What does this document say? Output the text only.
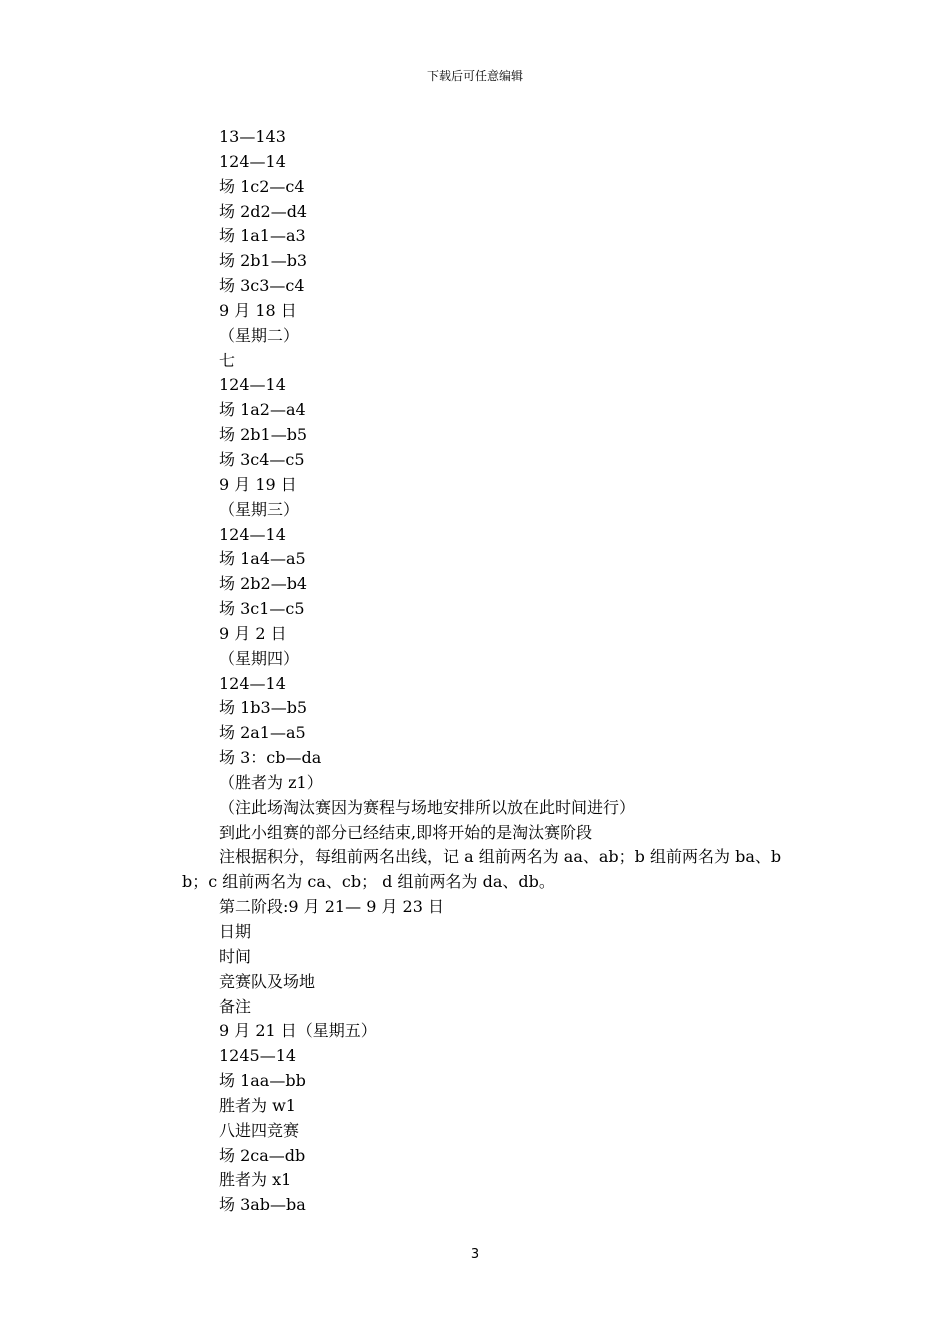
下载后可任意编辑

13—143

124—14

场 1c2—c4

场 2d2—d4

场 1a1—a3

场 2b1—b3

场 3c3—c4

9 月 18 日

（星期二）

七

124—14

场 1a2—a4

场 2b1—b5

场 3c4—c5

9 月 19 日

（星期三）

124—14

场 1a4—a5

场 2b2—b4

场 3c1—c5

9 月 2 日

（星期四）

124—14

场 1b3—b5

场 2a1—a5

场 3：cb—da

（胜者为 z1）

（注此场淘汰赛因为赛程与场地安排所以放在此时间进行）

到此小组赛的部分已经结束,即将开始的是淘汰赛阶段

注根据积分，每组前两名出线，记 a 组前两名为 aa、ab；b 组前两名为 ba、bb；c 组前两名为 ca、cb； d 组前两名为 da、db。

第二阶段:9 月 21— 9 月 23 日

日期

时间

竞赛队及场地

备注

9 月 21 日（星期五）

1245—14

场 1aa—bb

胜者为 w1

八进四竞赛

场 2ca—db

胜者为 x1

场 3ab—ba

3
